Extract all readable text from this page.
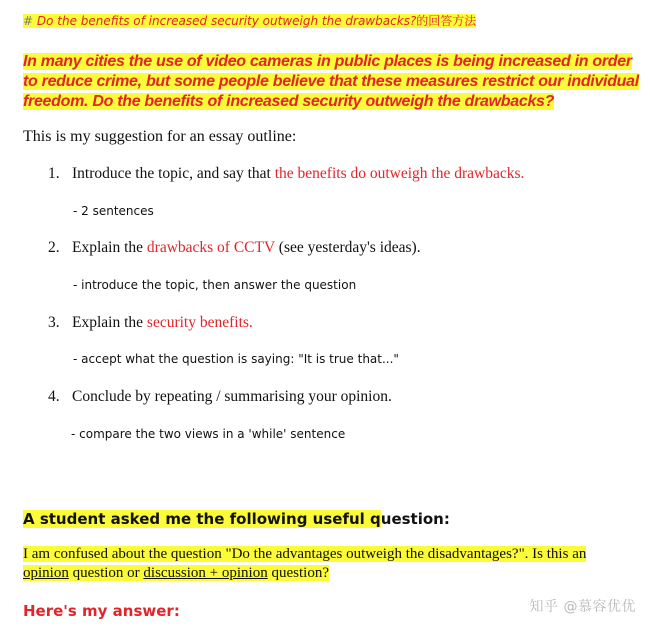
# Do the benefits of increased security outweigh the drawbacks?的回答方法
In many cities the use of video cameras in public places is being increased in order to reduce crime, but some people believe that these measures restrict our individual freedom. Do the benefits of increased security outweigh the drawbacks?
This is my suggestion for an essay outline:
1. Introduce the topic, and say that the benefits do outweigh the drawbacks.
- 2 sentences
2. Explain the drawbacks of CCTV (see yesterday's ideas).
- introduce the topic, then answer the question
3. Explain the security benefits.
- accept what the question is saying: "It is true that..."
4. Conclude by repeating / summarising your opinion.
- compare the two views in a 'while' sentence
A student asked me the following useful question:
I am confused about the question "Do the advantages outweigh the disadvantages?". Is this an opinion question or discussion + opinion question?
Here's my answer:	知乎 @慕容优优
